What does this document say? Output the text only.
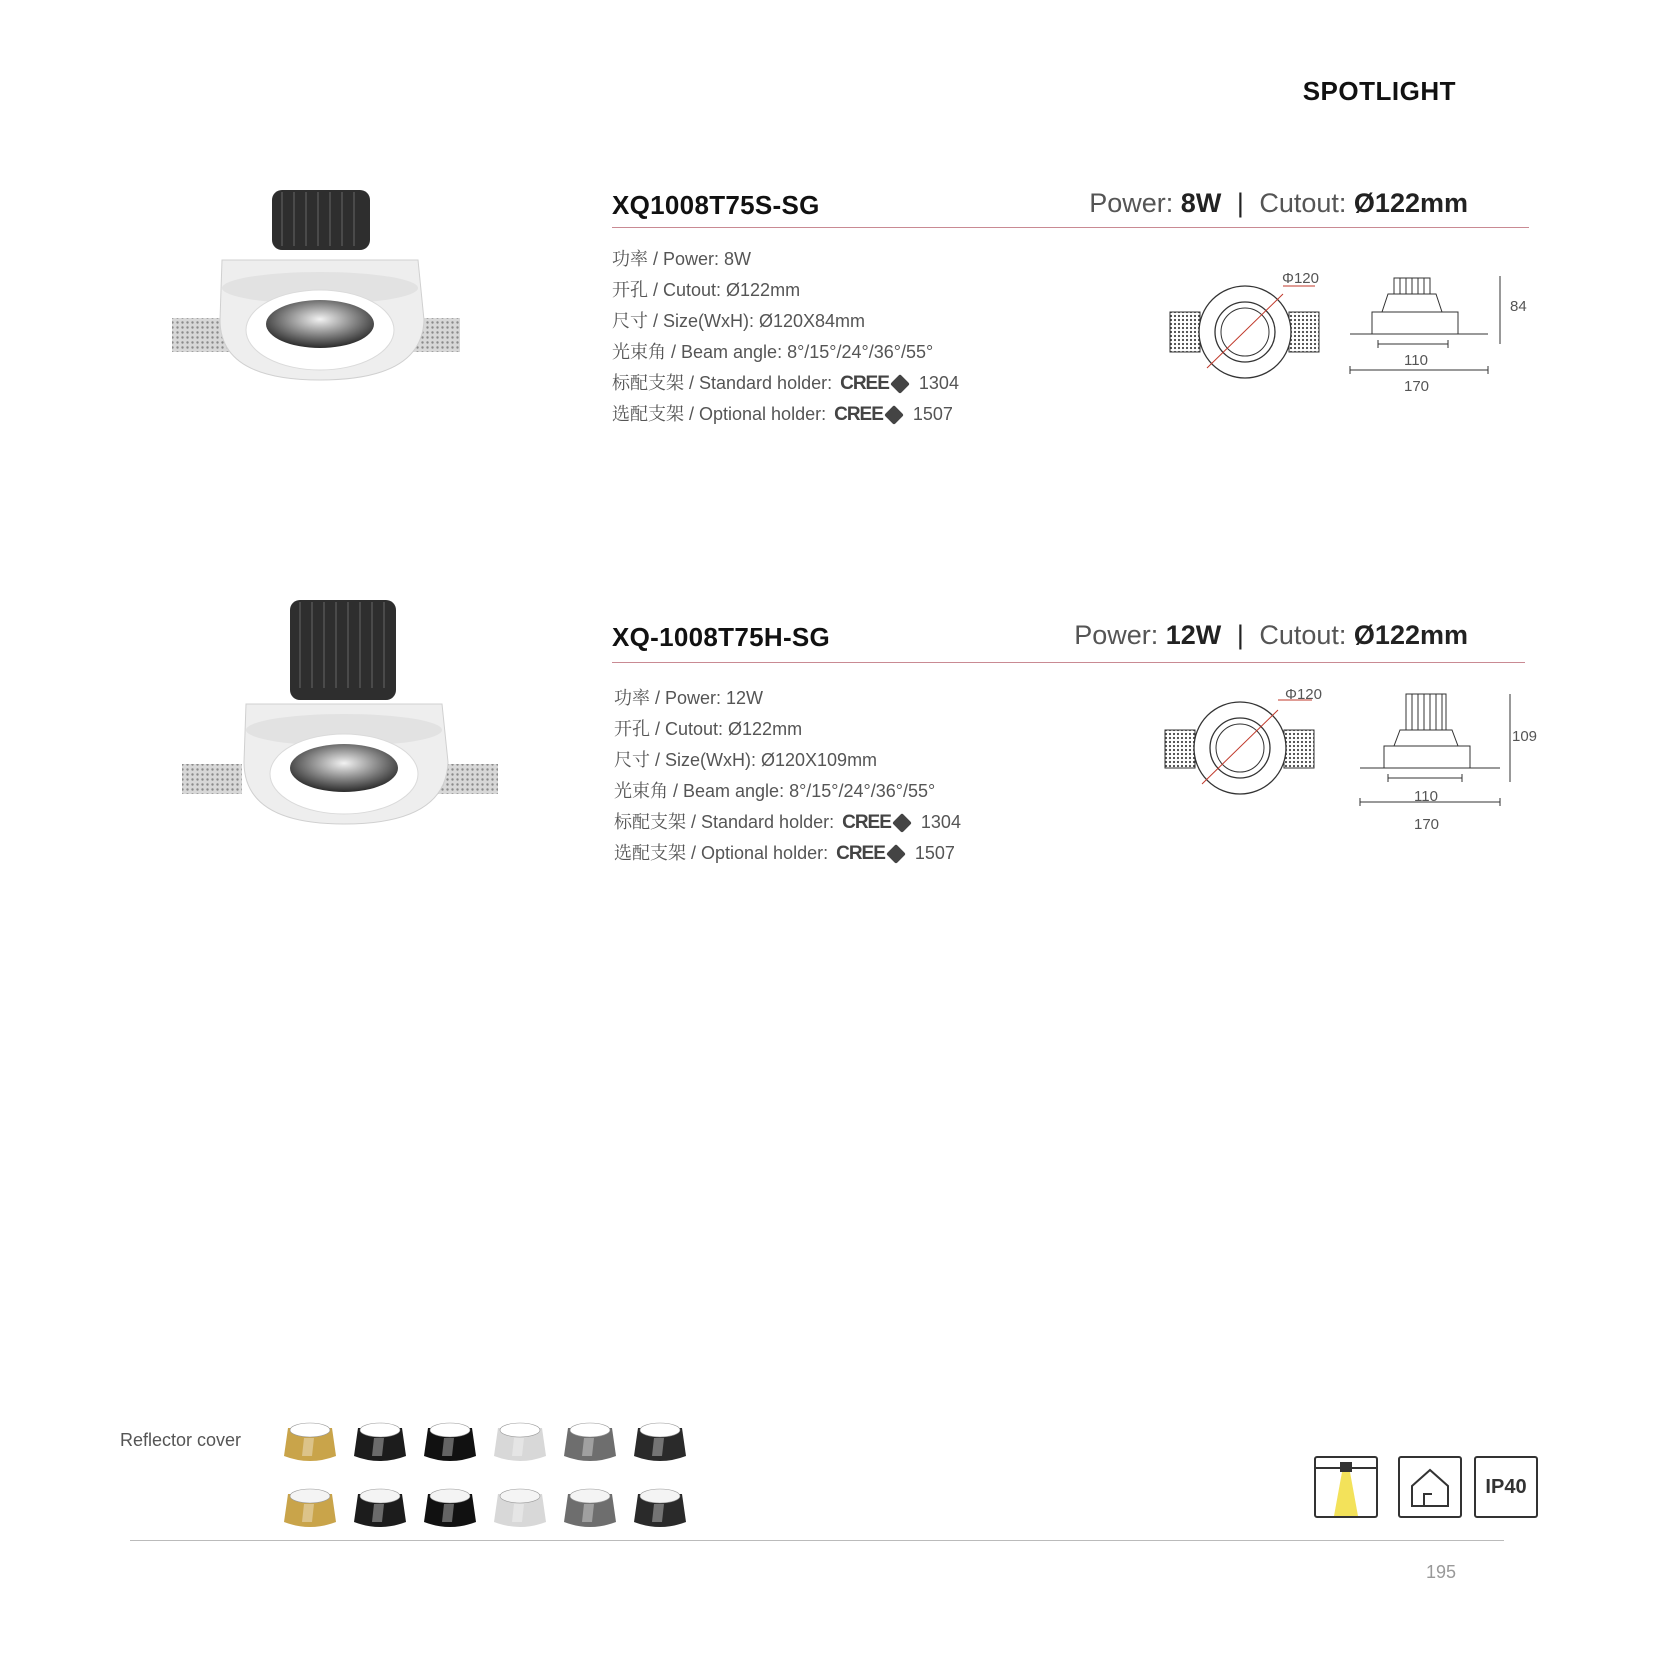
SPOTLIGHT
XQ1008T75S-SG	Power: 8W | Cutout: Ø122mm
功率 / Power: 8W
开孔 / Cutout: Ø122mm
尺寸 / Size(WxH): Ø120X84mm
光束角 / Beam angle: 8°/15°/24°/36°/55°
标配支架 / Standard holder: CREE 1304
选配支架 / Optional holder: CREE 1507
Φ120
84
110
170
XQ-1008T75H-SG	Power: 12W | Cutout: Ø122mm
功率 / Power: 12W
开孔 / Cutout: Ø122mm
尺寸 / Size(WxH): Ø120X109mm
光束角 / Beam angle: 8°/15°/24°/36°/55°
标配支架 / Standard holder: CREE 1304
选配支架 / Optional holder: CREE 1507
Φ120
109
110
170
Reflector cover
IP40
195
